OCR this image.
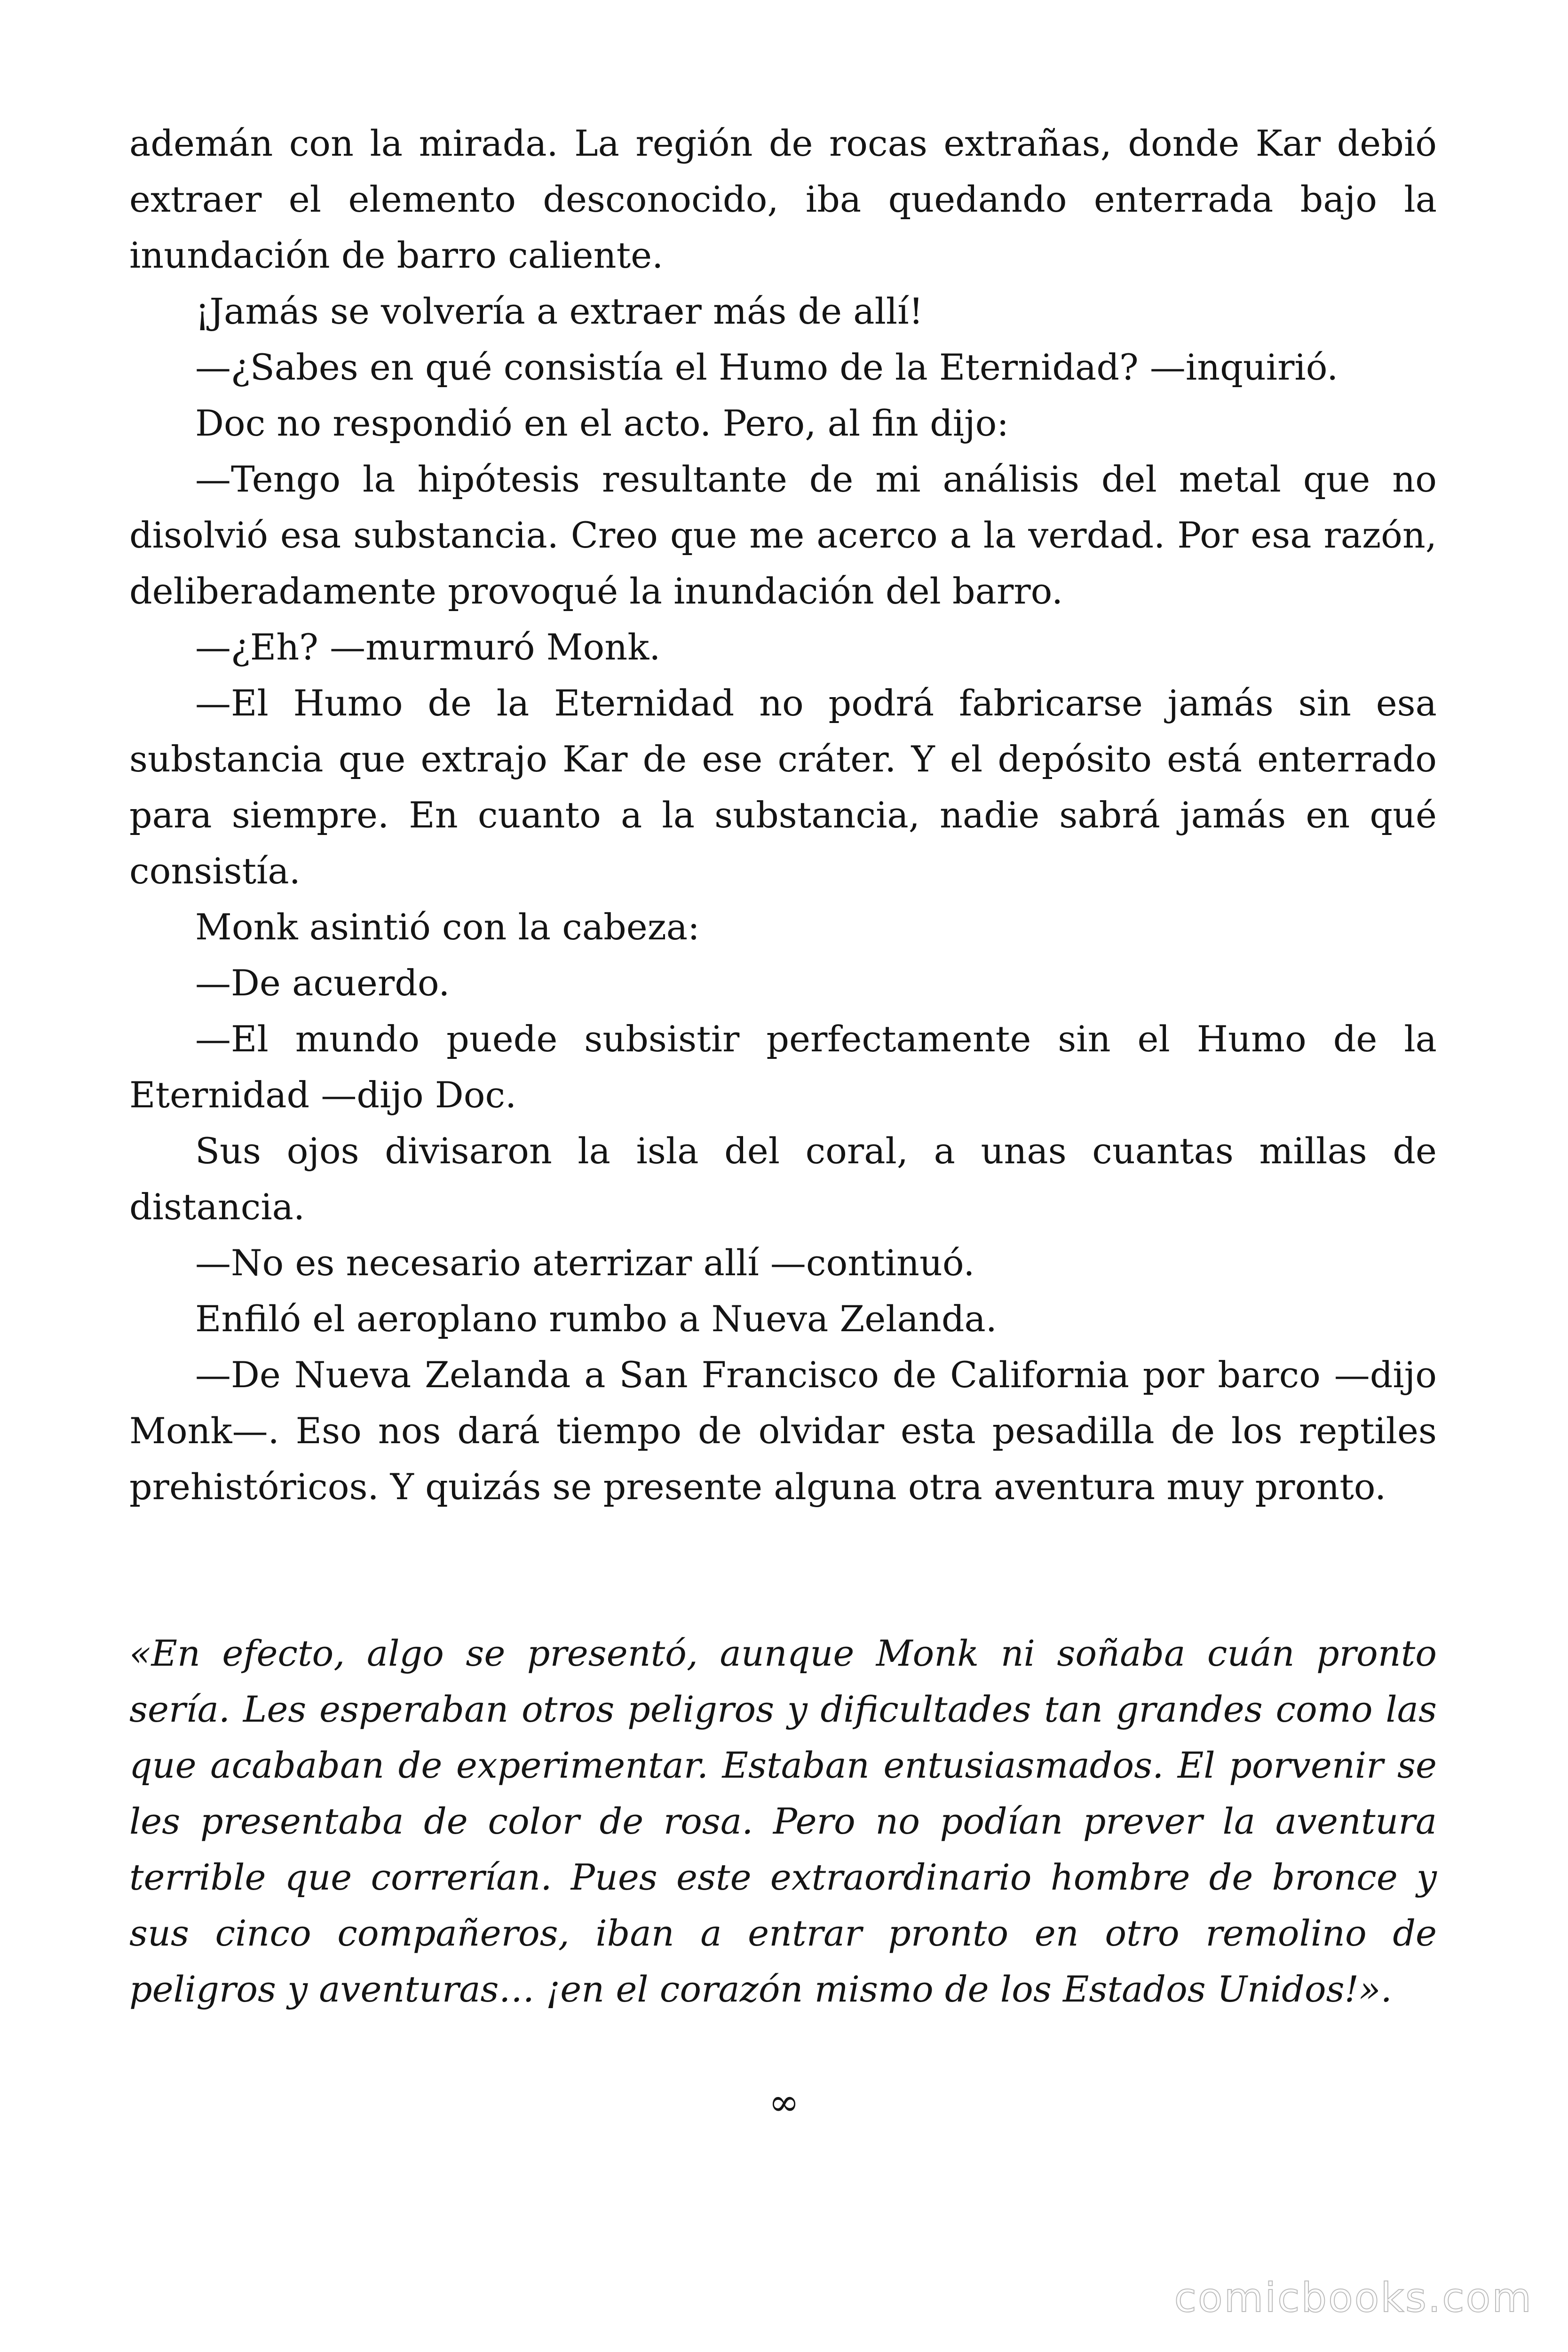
ademán con la mirada. La región de rocas extrañas, donde Kar debió extraer el elemento desconocido, iba quedando enterrada bajo la inundación de barro caliente.

¡Jamás se volvería a extraer más de allí!

—¿Sabes en qué consistía el Humo de la Eternidad? —inquirió.

Doc no respondió en el acto. Pero, al fin dijo:

—Tengo la hipótesis resultante de mi análisis del metal que no disolvió esa substancia. Creo que me acerco a la verdad. Por esa razón, deliberadamente provoqué la inundación del barro.

—¿Eh? —murmuró Monk.

—El Humo de la Eternidad no podrá fabricarse jamás sin esa substancia que extrajo Kar de ese cráter. Y el depósito está enterrado para siempre. En cuanto a la substancia, nadie sabrá jamás en qué consistía.

Monk asintió con la cabeza:

—De acuerdo.

—El mundo puede subsistir perfectamente sin el Humo de la Eternidad —dijo Doc.

Sus ojos divisaron la isla del coral, a unas cuantas millas de distancia.

—No es necesario aterrizar allí —continuó.

Enfiló el aeroplano rumbo a Nueva Zelanda.

—De Nueva Zelanda a San Francisco de California por barco —dijo Monk—. Eso nos dará tiempo de olvidar esta pesadilla de los reptiles prehistóricos. Y quizás se presente alguna otra aventura muy pronto.

«En efecto, algo se presentó, aunque Monk ni soñaba cuán pronto sería. Les esperaban otros peligros y dificultades tan grandes como las que acababan de experimentar. Estaban entusiasmados. El porvenir se les presentaba de color de rosa. Pero no podían prever la aventura terrible que correrían. Pues este extraordinario hombre de bronce y sus cinco compañeros, iban a entrar pronto en otro remolino de peligros y aventuras… ¡en el corazón mismo de los Estados Unidos!».

∞
comicbooks.com
